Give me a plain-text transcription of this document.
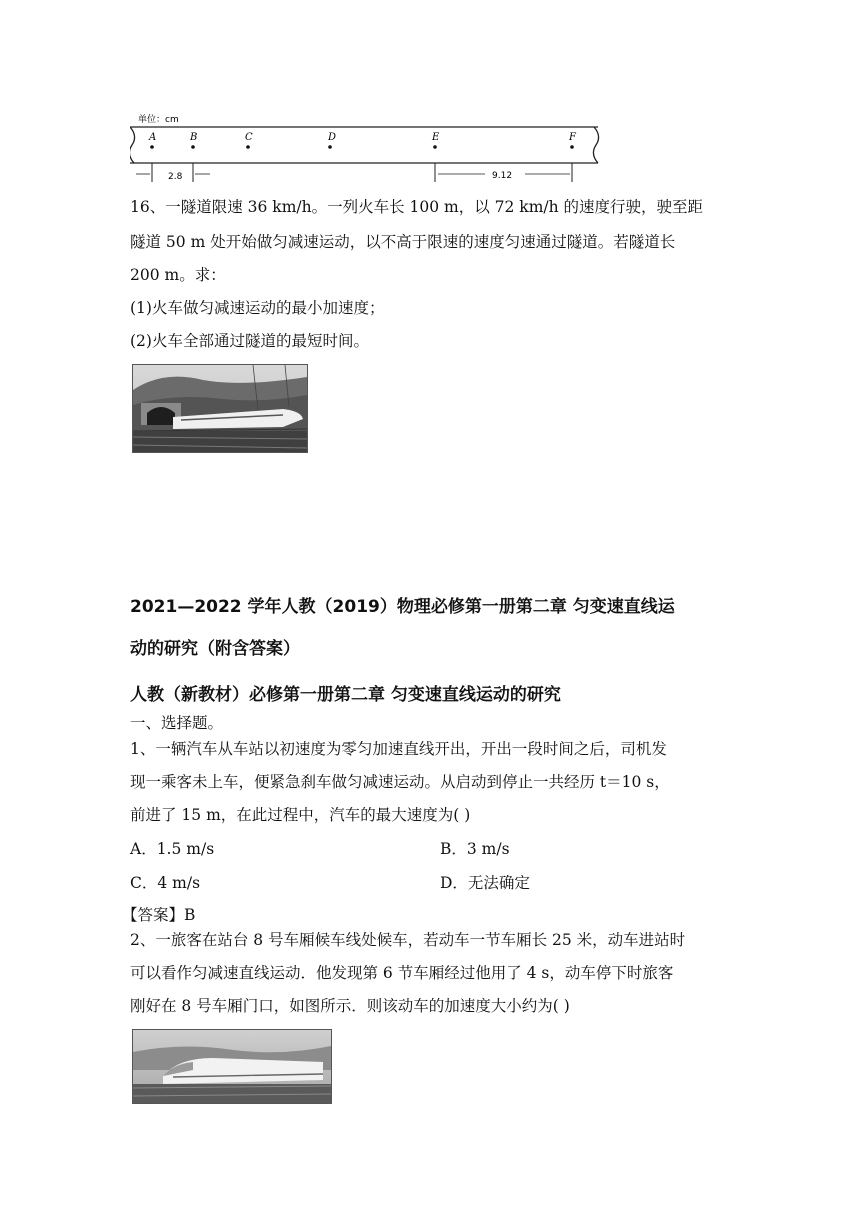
单位：cm
A	B	C	D	E	F
2.8	9.12
16、一隧道限速 36 km/h。一列火车长 100 m，以 72 km/h 的速度行驶，驶至距
隧道 50 m 处开始做匀减速运动，以不高于限速的速度匀速通过隧道。若隧道长
200 m。求：
(1)火车做匀减速运动的最小加速度；
(2)火车全部通过隧道的最短时间。
2021—2022 学年人教（2019）物理必修第一册第二章 匀变速直线运
动的研究（附含答案）
人教（新教材）必修第一册第二章 匀变速直线运动的研究
一、选择题。
1、一辆汽车从车站以初速度为零匀加速直线开出，开出一段时间之后，司机发
现一乘客未上车，便紧急刹车做匀减速运动。从启动到停止一共经历 t＝10 s，
前进了 15 m，在此过程中，汽车的最大速度为( )
A．1.5 m/s	B．3 m/s
C．4 m/s	D．无法确定
【答案】B
2、一旅客在站台 8 号车厢候车线处候车，若动车一节车厢长 25 米，动车进站时
可以看作匀减速直线运动．他发现第 6 节车厢经过他用了 4 s，动车停下时旅客
刚好在 8 号车厢门口，如图所示．则该动车的加速度大小约为( )
